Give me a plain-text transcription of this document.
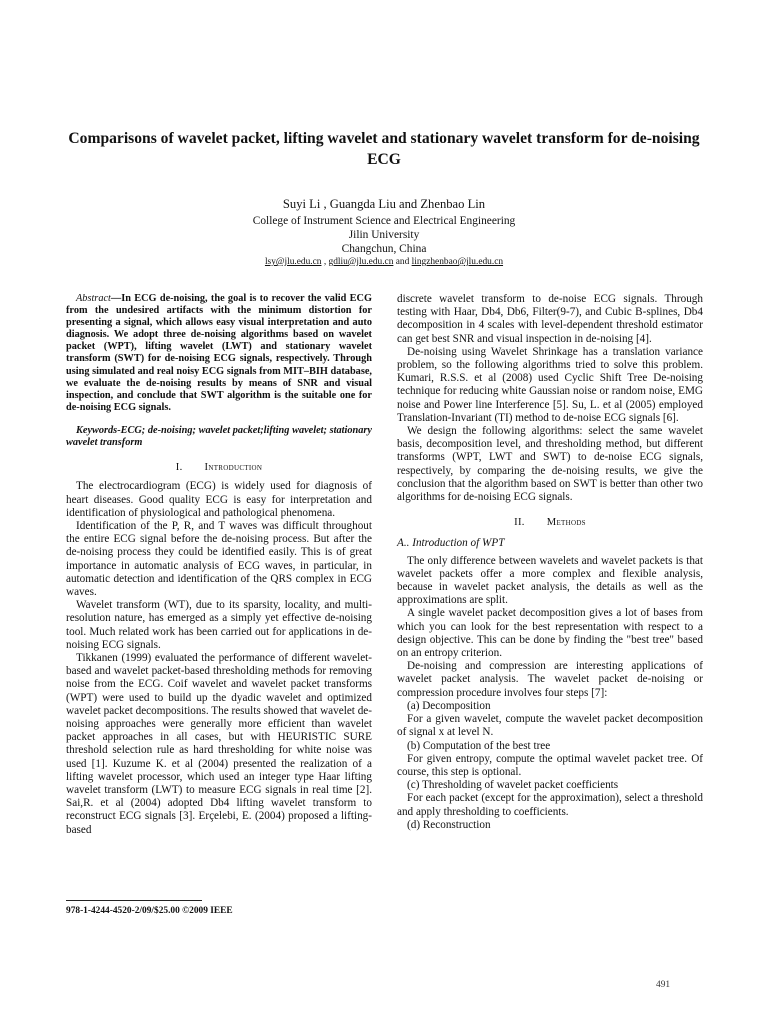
Comparisons of wavelet packet, lifting wavelet and stationary wavelet transform for de-noising ECG
Suyi Li , Guangda Liu and Zhenbao Lin
College of Instrument Science and Electrical Engineering
Jilin University
Changchun, China
lsy@jlu.edu.cn , gdliu@jlu.edu.cn and lingzhenbao@jlu.edu.cn

Abstract—In ECG de-noising, the goal is to recover the valid ECG from the undesired artifacts with the minimum distortion for presenting a signal, which allows easy visual interpretation and auto diagnosis. We adopt three de-noising algorithms based on wavelet packet (WPT), lifting wavelet (LWT) and stationary wavelet transform (SWT) for de-noising ECG signals, respectively. Through using simulated and real noisy ECG signals from MIT–BIH database, we evaluate the de-noising results by means of SNR and visual inspection, and conclude that SWT algorithm is the suitable one for de-noising ECG signals.

Keywords-ECG; de-noising; wavelet packet;lifting wavelet; stationary wavelet transform

I. Introduction

The electrocardiogram (ECG) is widely used for diagnosis of heart diseases. Good quality ECG is easy for interpretation and identification of physiological and pathological phenomena.

Identification of the P, R, and T waves was difficult throughout the entire ECG signal before the de-noising process. But after the de-noising process they could be identified easily. This is of great importance in automatic analysis of ECG waves, in particular, in automatic detection and identification of the QRS complex in ECG waves.

Wavelet transform (WT), due to its sparsity, locality, and multi-resolution nature, has emerged as a simply yet effective de-noising tool. Much related work has been carried out for applications in de-noising ECG signals.

Tikkanen (1999) evaluated the performance of different wavelet-based and wavelet packet-based thresholding methods for removing noise from the ECG. Coif wavelet and wavelet packet transforms (WPT) were used to build up the dyadic wavelet and optimized wavelet packet decompositions. The results showed that wavelet de-noising approaches were generally more efficient than wavelet packet approaches in all cases, but with HEURISTIC SURE threshold selection rule as hard thresholding for white noise was used [1]. Kuzume K. et al (2004) presented the realization of a lifting wavelet processor, which used an integer type Haar lifting wavelet transform (LWT) to measure ECG signals in real time [2]. Sai,R. et al (2004) adopted Db4 lifting wavelet transform to reconstruct ECG signals [3]. Erçelebi, E. (2004) proposed a lifting-based

discrete wavelet transform to de-noise ECG signals. Through testing with Haar, Db4, Db6, Filter(9-7), and Cubic B-splines, Db4 decomposition in 4 scales with level-dependent threshold estimator can get best SNR and visual inspection in de-noising [4].

De-noising using Wavelet Shrinkage has a translation variance problem, so the following algorithms tried to solve this problem. Kumari, R.S.S. et al (2008) used Cyclic Shift Tree De-noising technique for reducing white Gaussian noise or random noise, EMG noise and Power line Interference [5]. Su, L. et al (2005) employed Translation-Invariant (TI) method to de-noise ECG signals [6].

We design the following algorithms: select the same wavelet basis, decomposition level, and thresholding method, but different transforms (WPT, LWT and SWT) to de-noise ECG signals, respectively, by comparing the de-noising results, we give the conclusion that the algorithm based on SWT is better than other two algorithms for de-noising ECG signals.

II. Methods

A.. Introduction of WPT

The only difference between wavelets and wavelet packets is that wavelet packets offer a more complex and flexible analysis, because in wavelet packet analysis, the details as well as the approximations are split.

A single wavelet packet decomposition gives a lot of bases from which you can look for the best representation with respect to a design objective. This can be done by finding the "best tree" based on an entropy criterion.

De-noising and compression are interesting applications of wavelet packet analysis. The wavelet packet de-noising or compression procedure involves four steps [7]:

(a) Decomposition

For a given wavelet, compute the wavelet packet decomposition of signal x at level N.

(b) Computation of the best tree

For given entropy, compute the optimal wavelet packet tree. Of course, this step is optional.

(c) Thresholding of wavelet packet coefficients

For each packet (except for the approximation), select a threshold and apply thresholding to coefficients.

(d) Reconstruction

978-1-4244-4520-2/09/$25.00 ©2009 IEEE
491
